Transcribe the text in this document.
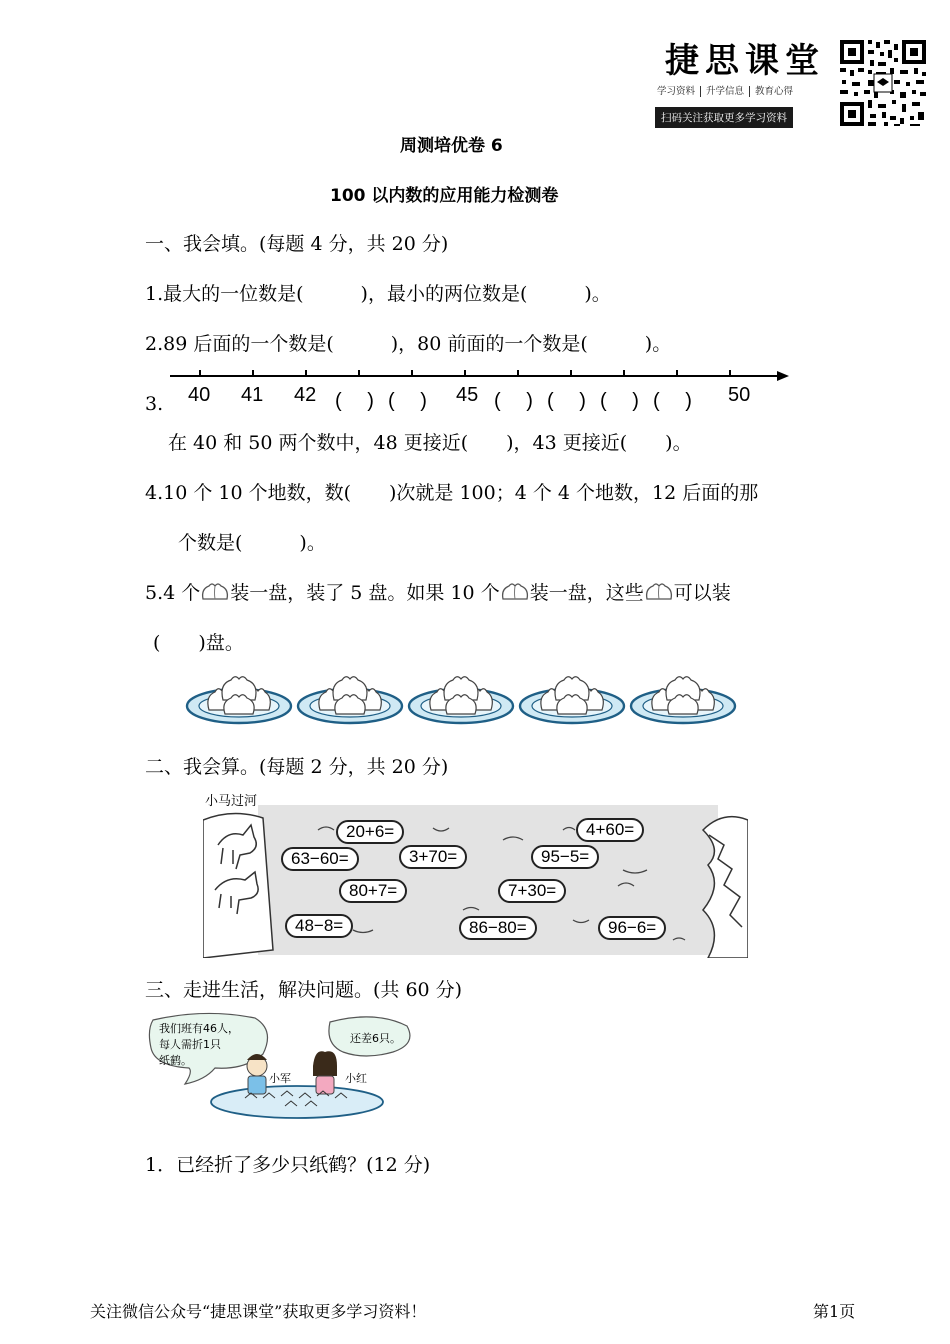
捷思课堂
学习资料 升学信息 教育心得
扫码关注获取更多学习资料
周测培优卷 6
100 以内数的应用能力检测卷
一、我会填。(每题 4 分，共 20 分)
1.最大的一位数是(　　　)，最小的两位数是(　　　)。
2.89 后面的一个数是(　　　)，80 前面的一个数是(　　　)。
3. 40 41 42 (　 ) (　 ) 45 (　 ) (　 ) (　 ) (　 ) 50
在 40 和 50 两个数中，48 更接近(　　)，43 更接近(　　)。
4.10 个 10 个地数，数(　　)次就是 100；4 个 4 个地数，12 后面的那
个数是(　　　)。
5.4 个 装一盘，装了 5 盘。如果 10 个 装一盘，这些 可以装
(　　)盘。
二、我会算。(每题 2 分，共 20 分)
小马过河
20+6=	4+60=
63−60=	3+70=	95−5=
80+7=	7+30=
48−8=	86−80=	96−6=
三、走进生活，解决问题。(共 60 分)
我们班有46人，
每人需折1只
纸鹤。
还差6只。
小军	小红
1．已经折了多少只纸鹤？(12 分)
关注微信公众号“捷思课堂”获取更多学习资料！	第1页
